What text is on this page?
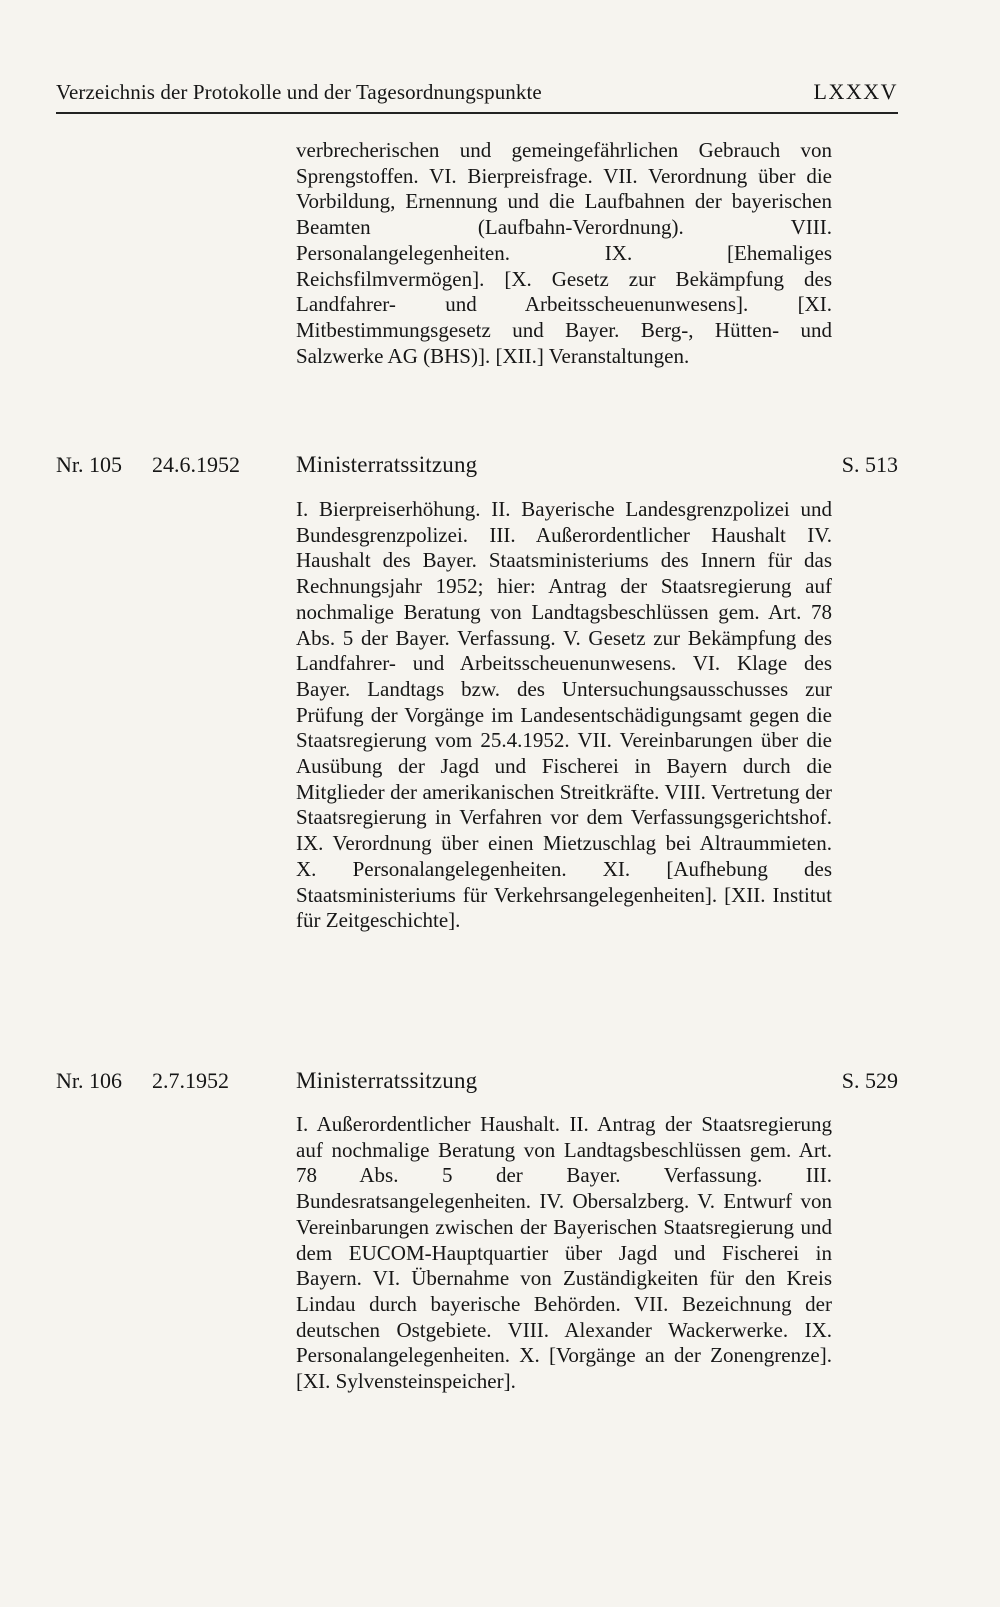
Verzeichnis der Protokolle und der Tagesordnungspunkte	LXXXV
verbrecherischen und gemeingefährlichen Gebrauch von Sprengstoffen. VI. Bierpreisfrage. VII. Verordnung über die Vorbildung, Ernennung und die Laufbahnen der bayerischen Beamten (Laufbahn-Verordnung). VIII. Personalangelegenheiten. IX. [Ehemaliges Reichsfilmvermögen]. [X. Gesetz zur Bekämpfung des Landfahrer- und Arbeitsscheuenunwesens]. [XI. Mitbestimmungsgesetz und Bayer. Berg-, Hütten- und Salzwerke AG (BHS)]. [XII.] Veranstaltungen.
Nr. 105 24.6.1952 Ministerratssitzung	S. 513
I. Bierpreiserhöhung. II. Bayerische Landesgrenzpolizei und Bundesgrenzpolizei. III. Außerordentlicher Haushalt IV. Haushalt des Bayer. Staatsministeriums des Innern für das Rechnungsjahr 1952; hier: Antrag der Staatsregierung auf nochmalige Beratung von Landtagsbeschlüssen gem. Art. 78 Abs. 5 der Bayer. Verfassung. V. Gesetz zur Bekämpfung des Landfahrer- und Arbeitsscheuenunwesens. VI. Klage des Bayer. Landtags bzw. des Untersuchungsausschusses zur Prüfung der Vorgänge im Landesentschädigungsamt gegen die Staatsregierung vom 25.4.1952. VII. Vereinbarungen über die Ausübung der Jagd und Fischerei in Bayern durch die Mitglieder der amerikanischen Streitkräfte. VIII. Vertretung der Staatsregierung in Verfahren vor dem Verfassungsgerichtshof. IX. Verordnung über einen Mietzuschlag bei Altraummieten. X. Personalangelegenheiten. XI. [Aufhebung des Staatsministeriums für Verkehrsangelegenheiten]. [XII. Institut für Zeitgeschichte].
Nr. 106 2.7.1952	Ministerratssitzung	S. 529
I. Außerordentlicher Haushalt. II. Antrag der Staatsregierung auf nochmalige Beratung von Landtagsbeschlüssen gem. Art. 78 Abs. 5 der Bayer. Verfassung. III. Bundesratsangelegenheiten. IV. Obersalzberg. V. Entwurf von Vereinbarungen zwischen der Bayerischen Staatsregierung und dem EUCOM-Hauptquartier über Jagd und Fischerei in Bayern. VI. Übernahme von Zuständigkeiten für den Kreis Lindau durch bayerische Behörden. VII. Bezeichnung der deutschen Ostgebiete. VIII. Alexander Wackerwerke. IX. Personalangelegenheiten. X. [Vorgänge an der Zonengrenze]. [XI. Sylvensteinspeicher].
